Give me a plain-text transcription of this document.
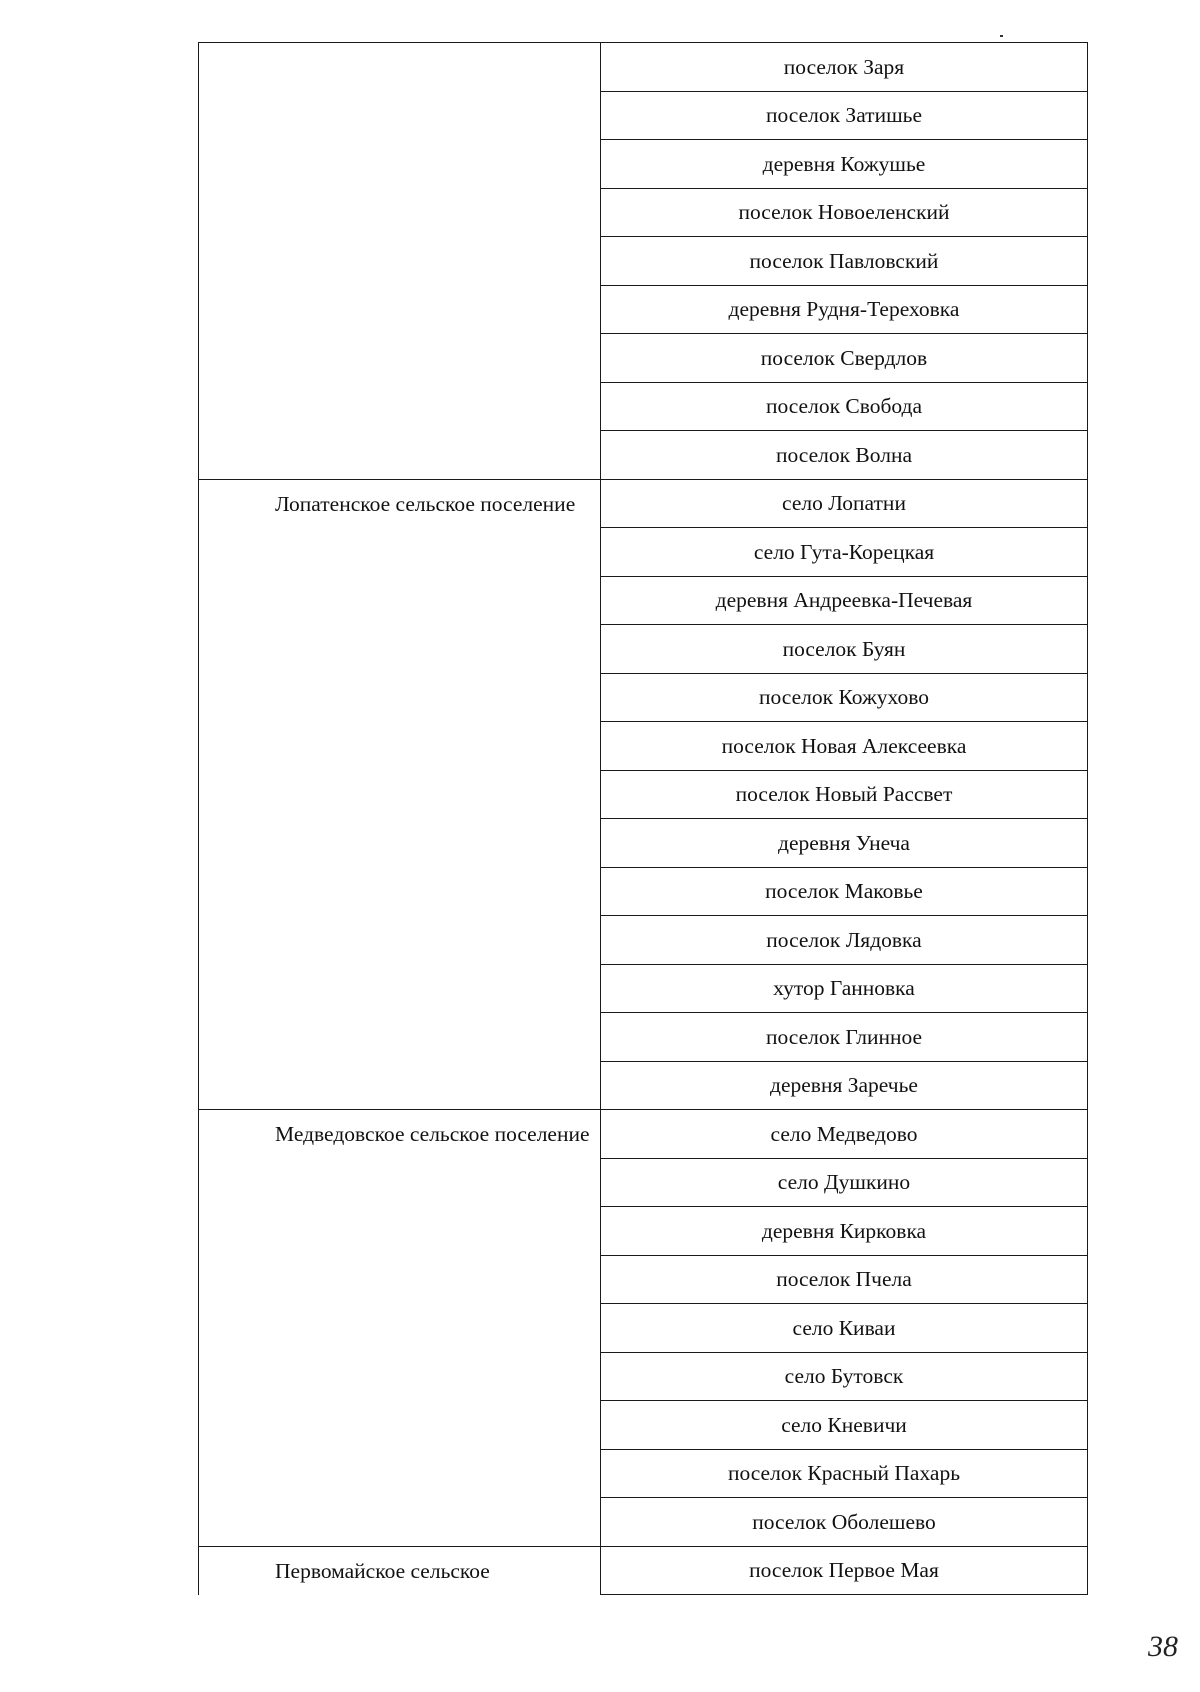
	поселок Заря
	поселок Затишье
	деревня Кожушье
	поселок Новоеленский
	поселок Павловский
	деревня Рудня-Тереховка
	поселок Свердлов
	поселок Свобода
	поселок Волна
Лопатенское сельское поселение	село Лопатни
	село Гута-Корецкая
	деревня Андреевка-Печевая
	поселок Буян
	поселок Кожухово
	поселок Новая Алексеевка
	поселок Новый Рассвет
	деревня Унеча
	поселок Маковье
	поселок Лядовка
	хутор Ганновка
	поселок Глинное
	деревня Заречье
Медведовское сельское поселение	село Медведово
	село Душкино
	деревня Кирковка
	поселок Пчела
	село Киваи
	село Бутовск
	село Кневичи
	поселок Красный Пахарь
	поселок Оболешево
Первомайское сельское	поселок Первое Мая
38
